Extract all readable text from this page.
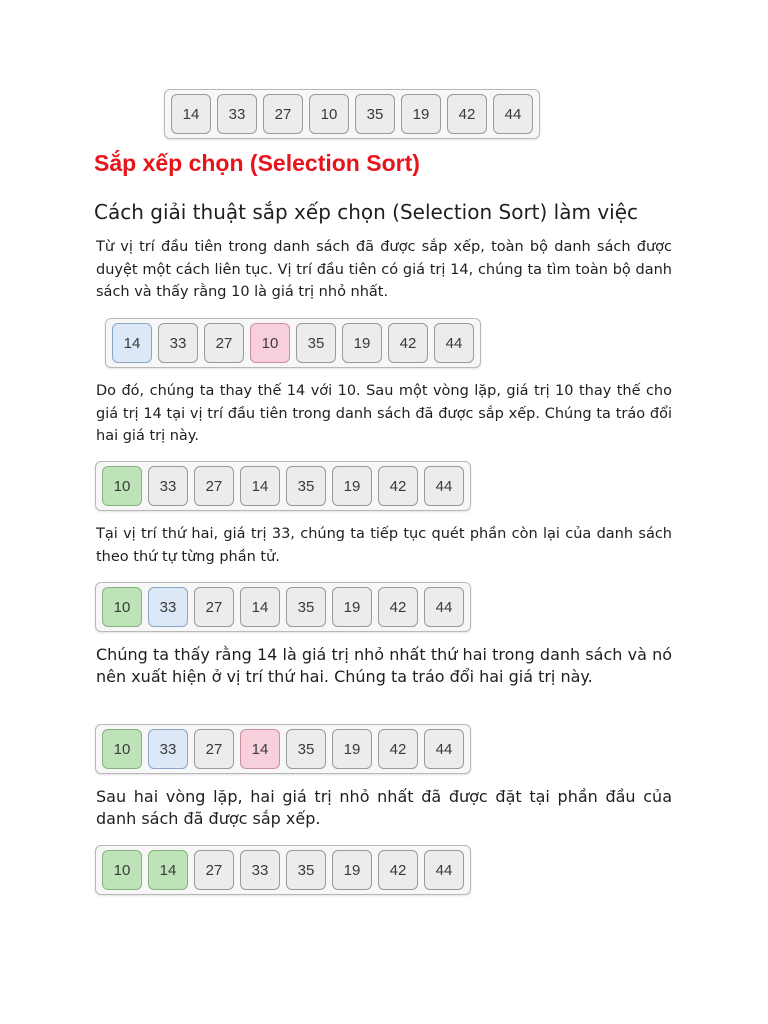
14	33	27	10	35	19	42	44
Sắp xếp chọn (Selection Sort)
Cách giải thuật sắp xếp chọn (Selection Sort) làm việc

Từ vị trí đầu tiên trong danh sách đã được sắp xếp, toàn bộ danh sách được duyệt một cách liên tục. Vị trí đầu tiên có giá trị 14, chúng ta tìm toàn bộ danh sách và thấy rằng 10 là giá trị nhỏ nhất.

14	33	27	10	35	19	42	44

Do đó, chúng ta thay thế 14 với 10. Sau một vòng lặp, giá trị 10 thay thế cho giá trị 14 tại vị trí đầu tiên trong danh sách đã được sắp xếp. Chúng ta tráo đổi hai giá trị này.

10	33	27	14	35	19	42	44

Tại vị trí thứ hai, giá trị 33, chúng ta tiếp tục quét phần còn lại của danh sách theo thứ tự từng phần tử.

10	33	27	14	35	19	42	44

Chúng ta thấy rằng 14 là giá trị nhỏ nhất thứ hai trong danh sách và nó nên xuất hiện ở vị trí thứ hai. Chúng ta tráo đổi hai giá trị này.

10	33	27	14	35	19	42	44

Sau hai vòng lặp, hai giá trị nhỏ nhất đã được đặt tại phần đầu của danh sách đã được sắp xếp.

10	14	27	33	35	19	42	44
